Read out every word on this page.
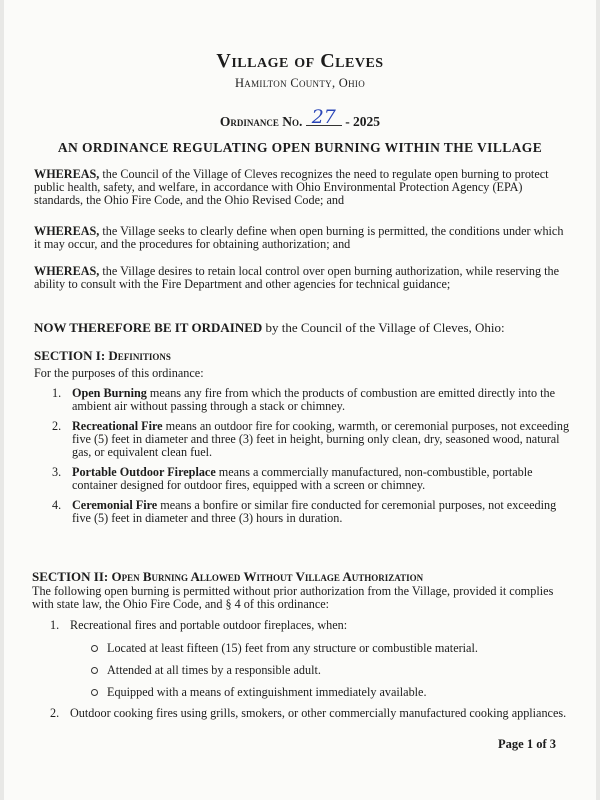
Village of Cleves
Hamilton County, Ohio
Ordinance No. 27 - 2025
AN ORDINANCE REGULATING OPEN BURNING WITHIN THE VILLAGE
WHEREAS, the Council of the Village of Cleves recognizes the need to regulate open burning to protect public health, safety, and welfare, in accordance with Ohio Environmental Protection Agency (EPA) standards, the Ohio Fire Code, and the Ohio Revised Code; and
WHEREAS, the Village seeks to clearly define when open burning is permitted, the conditions under which it may occur, and the procedures for obtaining authorization; and
WHEREAS, the Village desires to retain local control over open burning authorization, while reserving the ability to consult with the Fire Department and other agencies for technical guidance;
NOW THEREFORE BE IT ORDAINED by the Council of the Village of Cleves, Ohio:
SECTION I: Definitions
For the purposes of this ordinance:
1. Open Burning means any fire from which the products of combustion are emitted directly into the ambient air without passing through a stack or chimney.
2. Recreational Fire means an outdoor fire for cooking, warmth, or ceremonial purposes, not exceeding five (5) feet in diameter and three (3) feet in height, burning only clean, dry, seasoned wood, natural gas, or equivalent clean fuel.
3. Portable Outdoor Fireplace means a commercially manufactured, non-combustible, portable container designed for outdoor fires, equipped with a screen or chimney.
4. Ceremonial Fire means a bonfire or similar fire conducted for ceremonial purposes, not exceeding five (5) feet in diameter and three (3) hours in duration.
SECTION II: Open Burning Allowed Without Village Authorization
The following open burning is permitted without prior authorization from the Village, provided it complies with state law, the Ohio Fire Code, and § 4 of this ordinance:
1. Recreational fires and portable outdoor fireplaces, when:
Located at least fifteen (15) feet from any structure or combustible material.
Attended at all times by a responsible adult.
Equipped with a means of extinguishment immediately available.
2. Outdoor cooking fires using grills, smokers, or other commercially manufactured cooking appliances.
Page 1 of 3
